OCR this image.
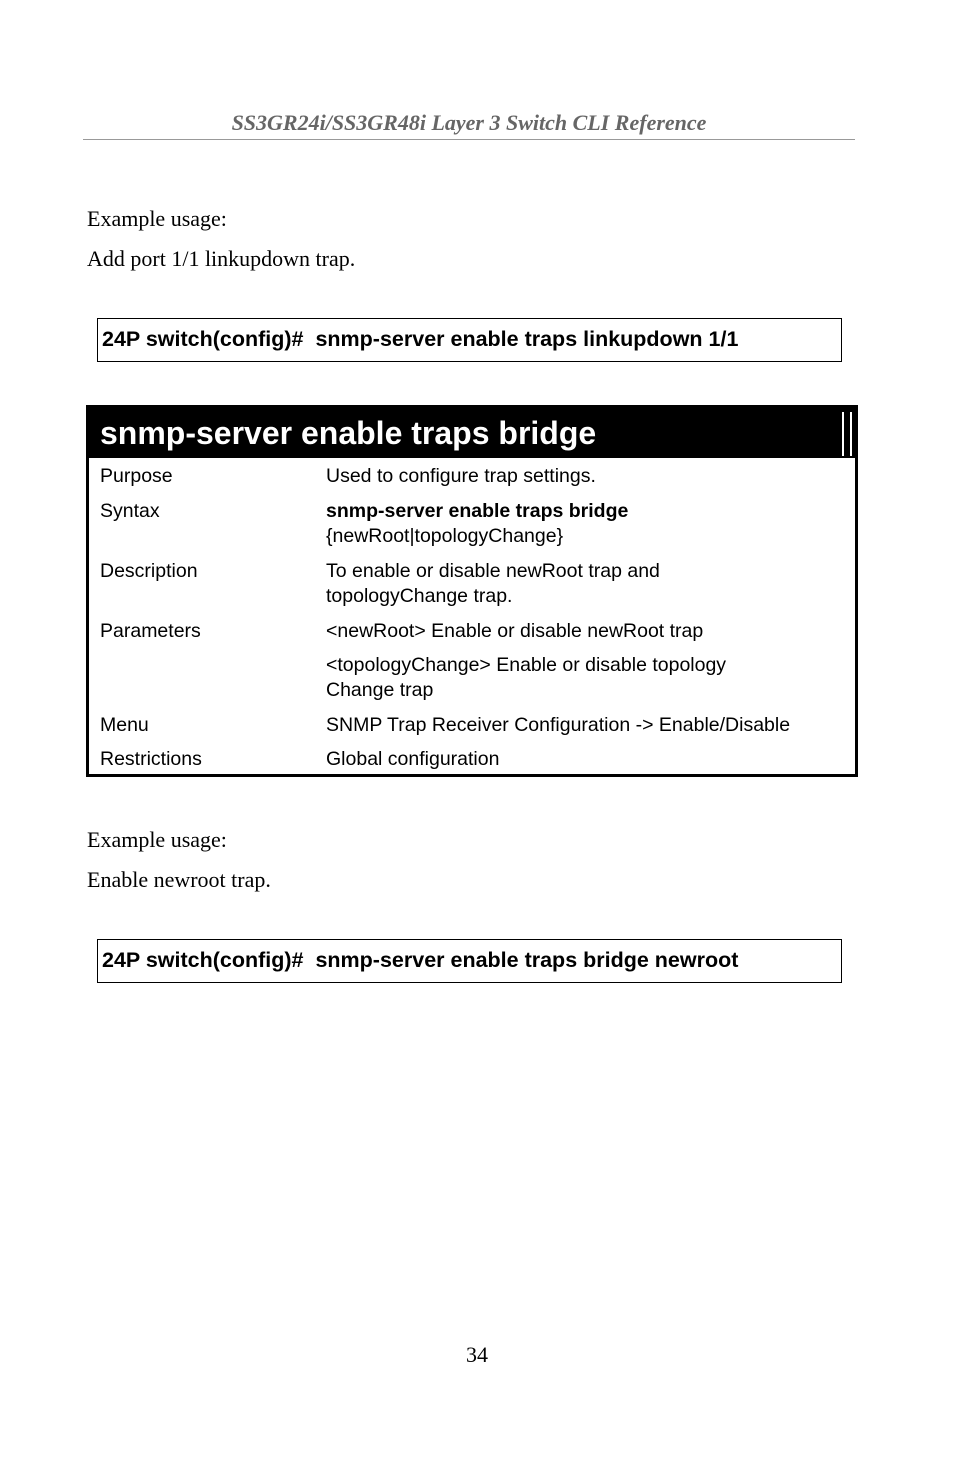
SS3GR24i/SS3GR48i Layer 3 Switch CLI Reference
Example usage:
Add port 1/1 linkupdown trap.
24P switch(config)#  snmp-server enable traps linkupdown 1/1
snmp-server enable traps bridge
Purpose	Used to configure trap settings.
Syntax	snmp-server enable traps bridge
{newRoot|topologyChange}
Description	To enable or disable newRoot trap and
topologyChange trap.
Parameters	<newRoot> Enable or disable newRoot trap
<topologyChange> Enable or disable topology
Change trap
Menu	SNMP Trap Receiver Configuration -> Enable/Disable
Restrictions	Global configuration
Example usage:
Enable newroot trap.
24P switch(config)#  snmp-server enable traps bridge newroot
34
